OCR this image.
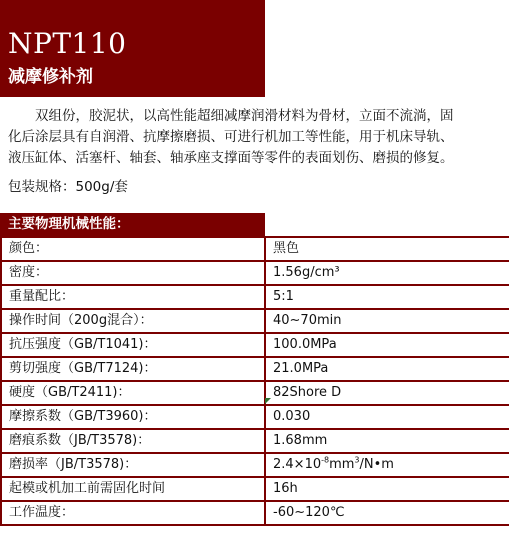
NPT110
减摩修补剂
　　双组份，胶泥状，以高性能超细减摩润滑材料为骨材，立面不流淌，固
化后涂层具有自润滑、抗摩擦磨损、可进行机加工等性能，用于机床导轨、
液压缸体、活塞杆、轴套、轴承座支撑面等零件的表面划伤、磨损的修复。
包装规格：500g/套
主要物理机械性能：
颜色：	黑色
密度：	1.56g/cm³
重量配比：	5:1
操作时间（200g混合）：	40~70min
抗压强度（GB/T1041)：	100.0MPa
剪切强度（GB/T7124)：	21.0MPa
硬度（GB/T2411)：	82Shore D
摩擦系数（GB/T3960)：	0.030
磨痕系数（JB/T3578)：	1.68mm
磨损率（JB/T3578)：	$2.4\times 10^{-8}mm^3/N•m$
起模或机加工前需固化时间	16h
工作温度：	-60~120℃
